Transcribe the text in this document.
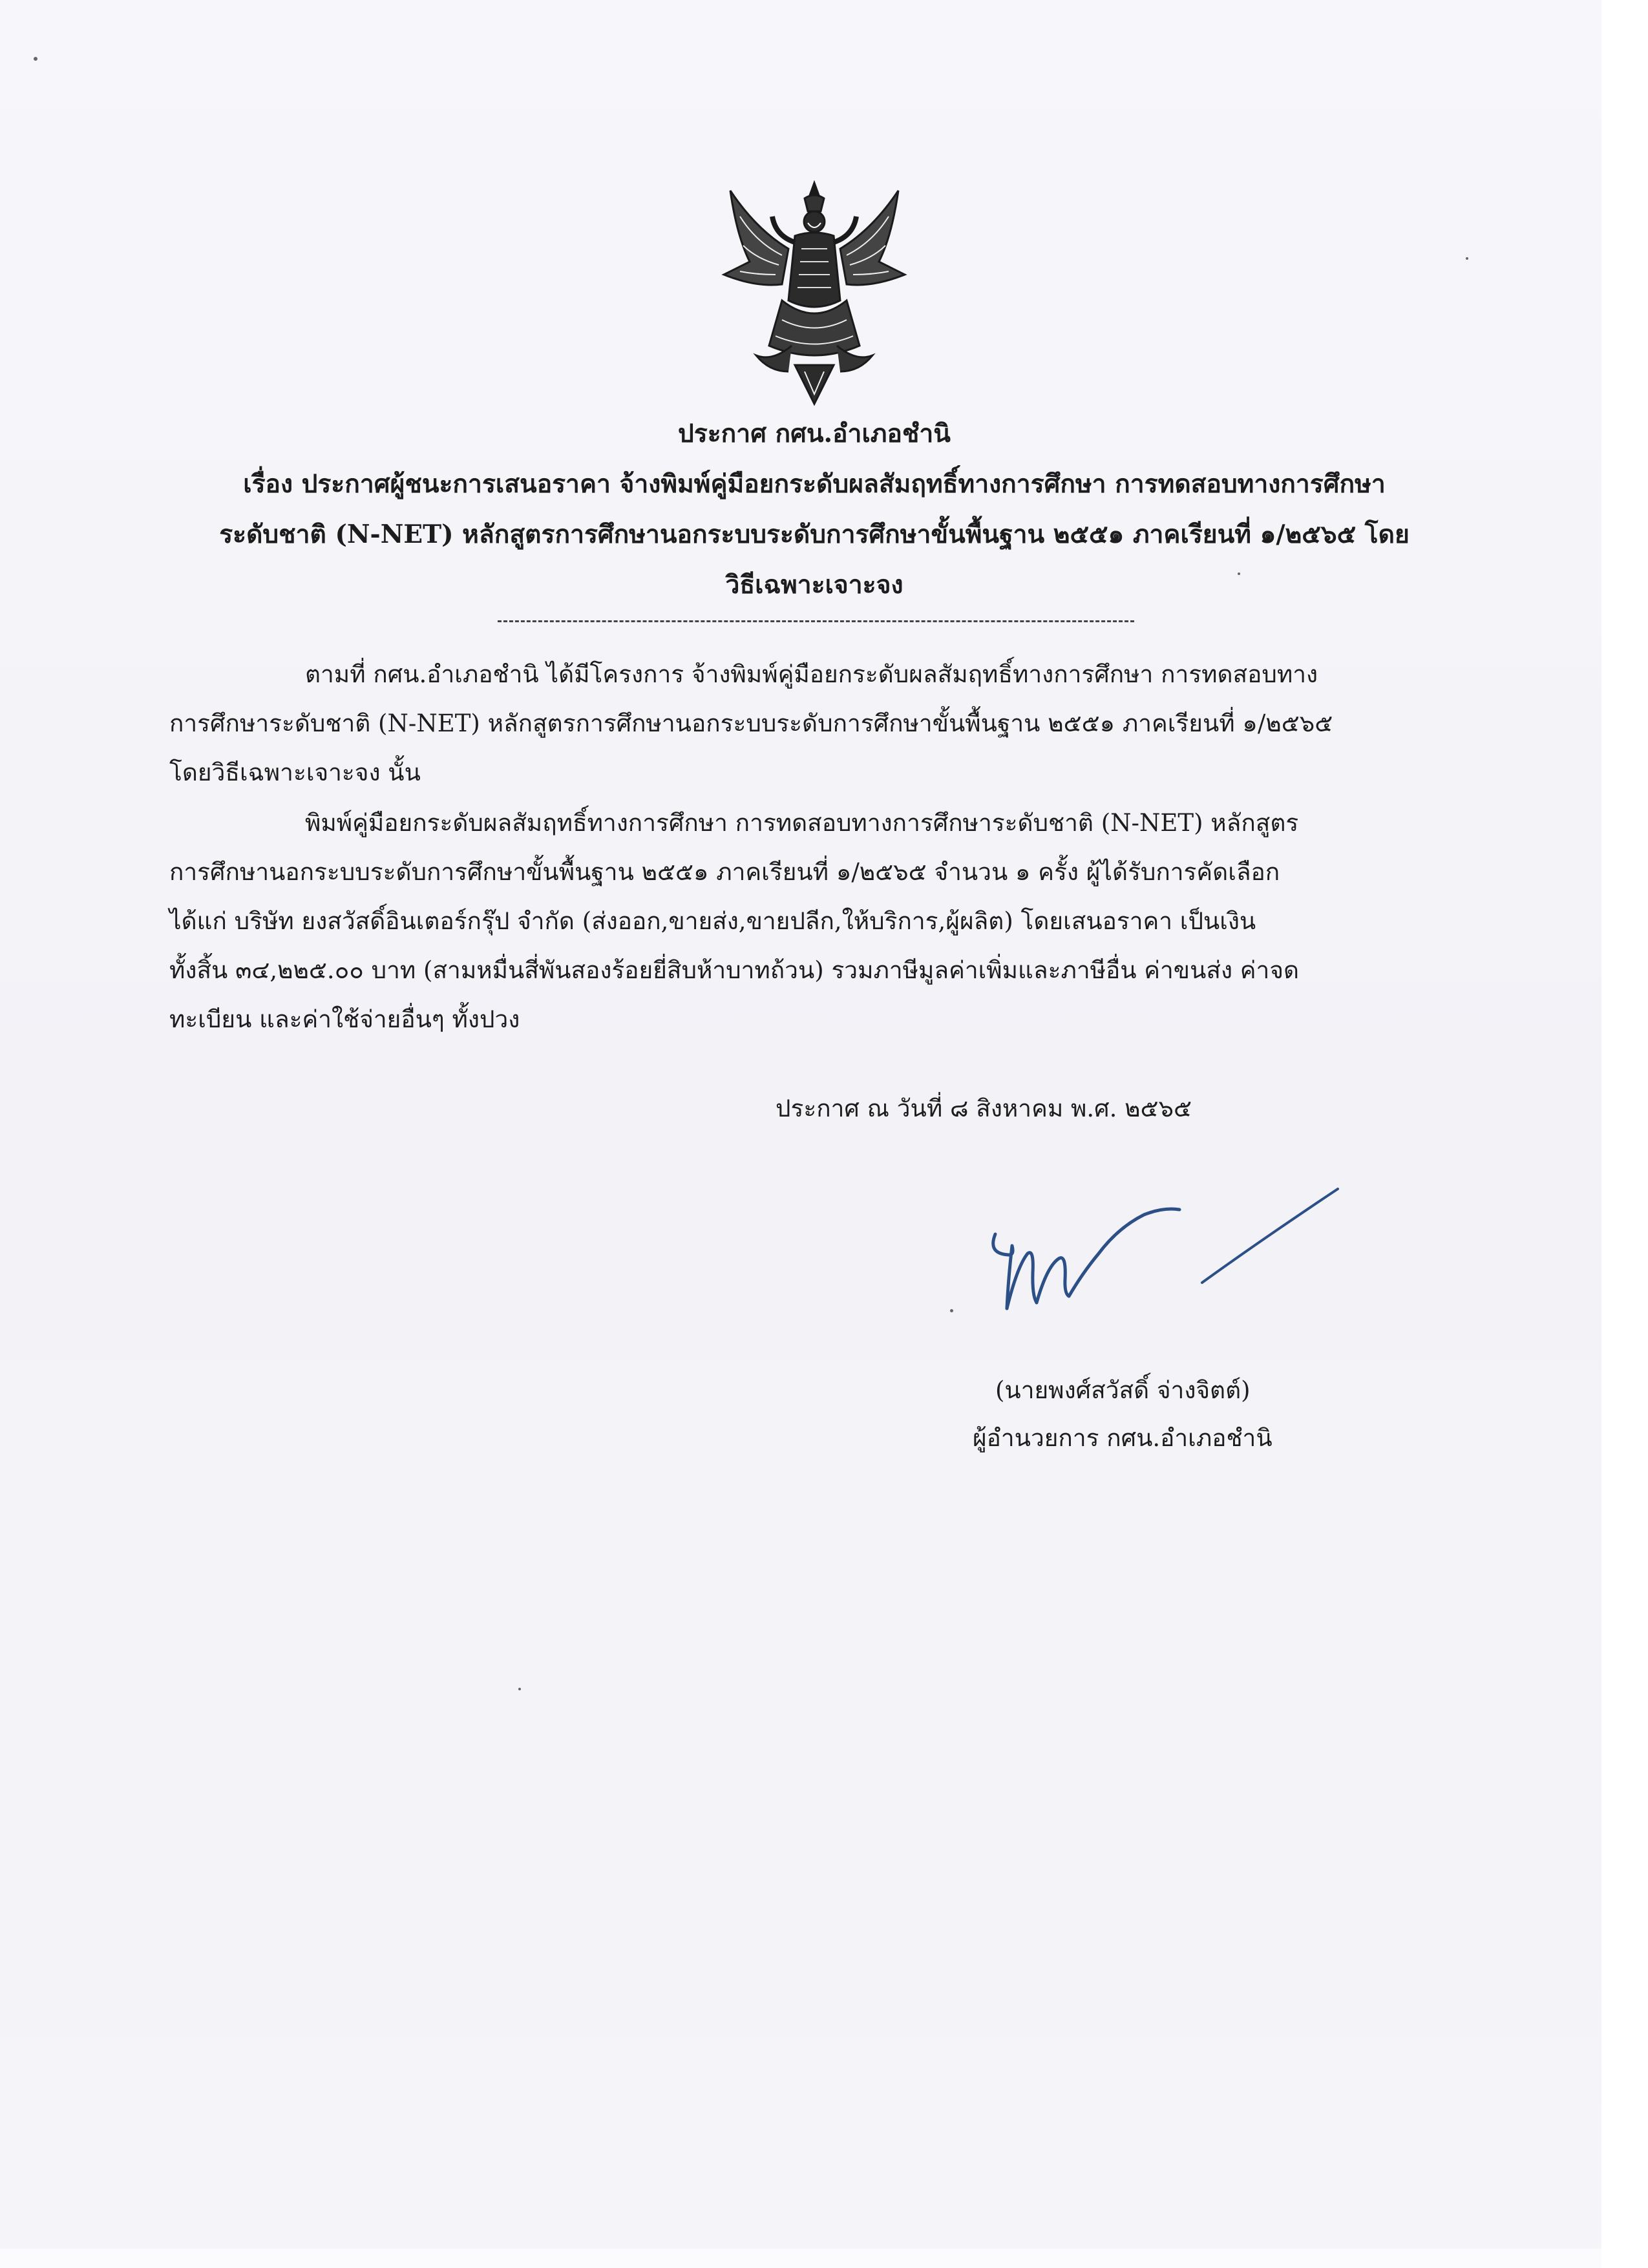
ประกาศ กศน.อำเภอชำนิ
เรื่อง ประกาศผู้ชนะการเสนอราคา จ้างพิมพ์คู่มือยกระดับผลสัมฤทธิ์ทางการศึกษา การทดสอบทางการศึกษา
ระดับชาติ (N-NET) หลักสูตรการศึกษานอกระบบระดับการศึกษาขั้นพื้นฐาน ๒๕๕๑ ภาคเรียนที่ ๑/๒๕๖๕ โดย
วิธีเฉพาะเจาะจง
ตามที่ กศน.อำเภอชำนิ ได้มีโครงการ จ้างพิมพ์คู่มือยกระดับผลสัมฤทธิ์ทางการศึกษา การทดสอบทาง
การศึกษาระดับชาติ (N-NET) หลักสูตรการศึกษานอกระบบระดับการศึกษาขั้นพื้นฐาน ๒๕๕๑ ภาคเรียนที่ ๑/๒๕๖๕
โดยวิธีเฉพาะเจาะจง นั้น
พิมพ์คู่มือยกระดับผลสัมฤทธิ์ทางการศึกษา การทดสอบทางการศึกษาระดับชาติ (N-NET) หลักสูตร
การศึกษานอกระบบระดับการศึกษาขั้นพื้นฐาน ๒๕๕๑ ภาคเรียนที่ ๑/๒๕๖๕ จำนวน ๑ ครั้ง ผู้ได้รับการคัดเลือก
ได้แก่ บริษัท ยงสวัสดิ์อินเตอร์กรุ๊ป จำกัด (ส่งออก,ขายส่ง,ขายปลีก,ให้บริการ,ผู้ผลิต) โดยเสนอราคา เป็นเงิน
ทั้งสิ้น ๓๔,๒๒๕.๐๐ บาท (สามหมื่นสี่พันสองร้อยยี่สิบห้าบาทถ้วน) รวมภาษีมูลค่าเพิ่มและภาษีอื่น ค่าขนส่ง ค่าจด
ทะเบียน และค่าใช้จ่ายอื่นๆ ทั้งปวง
ประกาศ ณ วันที่ ๘ สิงหาคม พ.ศ. ๒๕๖๕
(นายพงศ์สวัสดิ์ จ่างจิตต์)
ผู้อำนวยการ กศน.อำเภอชำนิ
